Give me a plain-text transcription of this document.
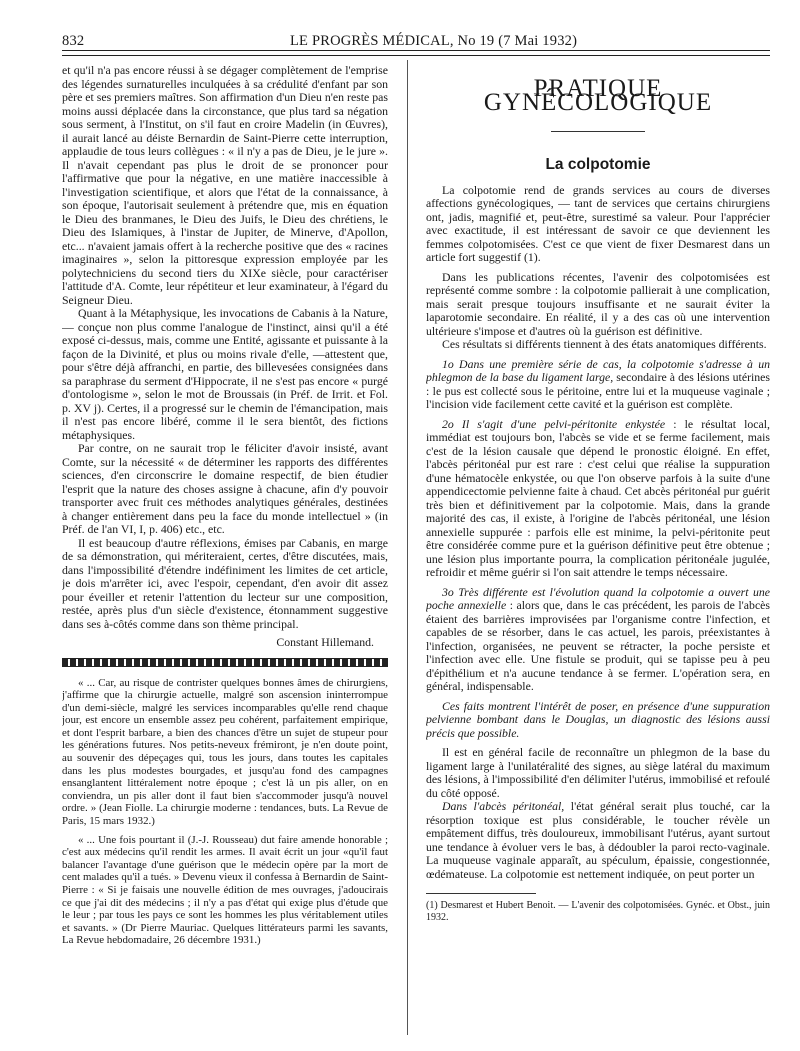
832	LE PROGRÈS MÉDICAL, No 19 (7 Mai 1932)

et qu'il n'a pas encore réussi à se dégager complètement de l'emprise des légendes surnaturelles inculquées à sa crédulité d'enfant par son père et ses premiers maîtres. Son affirmation d'un Dieu n'en reste pas moins aussi déplacée dans la circonstance, que plus tard sa négation sous serment, à l'Institut, on s'il faut en croire Madelin (in Œuvres), il aurait lancé au déiste Bernardin de Saint-Pierre cette interruption, applaudie de tous leurs collègues : « il n'y a pas de Dieu, je le jure ». Il n'avait cependant pas plus le droit de se prononcer pour l'affirmative que pour la négative, en une matière inaccessible à l'investigation scientifique, et alors que l'état de la connaissance, à son époque, l'autorisait seulement à prétendre que, mis en équation le Dieu des branmanes, le Dieu des Juifs, le Dieu des chrétiens, le Dieu des Islamiques, à l'instar de Jupiter, de Minerve, d'Apollon, etc... n'avaient jamais offert à la recherche positive que des « racines imaginaires », selon la pittoresque expression employée par les polytechniciens du second tiers du XIXe siècle, pour caractériser l'attitude d'A. Comte, leur répétiteur et leur examinateur, à l'égard du Seigneur Dieu.

Quant à la Métaphysique, les invocations de Cabanis à la Nature, — conçue non plus comme l'analogue de l'instinct, ainsi qu'il a été exposé ci-dessus, mais, comme une Entité, agissante et puissante à la façon de la Divinité, et plus ou moins rivale d'elle, —attestent que, pour s'être déjà affranchi, en partie, des billevesées consignées dans sa paraphrase du serment d'Hippocrate, il ne s'est pas encore « purgé d'ontologisme », selon le mot de Broussais (in Préf. de Irrit. et Fol. p. XV j). Certes, il a progressé sur le chemin de l'émancipation, mais il n'est pas encore libéré, comme il le sera bientôt, des fictions métaphysiques.

Par contre, on ne saurait trop le féliciter d'avoir insisté, avant Comte, sur la nécessité « de déterminer les rapports des différentes sciences, d'en circonscrire le domaine respectif, de bien étudier l'esprit que la nature des choses assigne à chacune, afin d'y pouvoir transporter avec fruit ces méthodes analytiques générales, destinées à changer entièrement dans peu la face du monde intellectuel » (in Préf. de l'an VI, I, p. 406) etc., etc.

Il est beaucoup d'autre réflexions, émises par Cabanis, en marge de sa démonstration, qui mériteraient, certes, d'être discutées, mais, dans l'impossibilité d'étendre indéfiniment les limites de cet article, je dois m'arrêter ici, avec l'espoir, cependant, d'en avoir dit assez pour éveiller et retenir l'attention du lecteur sur une composition, restée, après plus d'un siècle d'existence, étonnamment suggestive dans ses à-côtés comme dans son thème principal.

Constant Hillemand.

« ... Car, au risque de contrister quelques bonnes âmes de chirurgiens, j'affirme que la chirurgie actuelle, malgré son ascension ininterrompue d'un demi-siècle, malgré les services incomparables qu'elle rend chaque jour, est encore un ensemble assez peu cohérent, parfaitement empirique, et dont l'esprit barbare, a bien des chances d'être un sujet de stupeur pour les générations futures. Nos petits-neveux frémiront, je n'en doute point, au souvenir des dépeçages qui, tous les jours, dans toutes les capitales dans les plus modestes bourgades, et jusqu'au fond des campagnes ensanglantent littéralement notre époque ; c'est là un pis aller, on en conviendra, un pis aller dont il faut bien s'accommoder jusqu'à nouvel ordre. » (Jean Fiolle. La chirurgie moderne : tendances, buts. La Revue de Paris, 15 mars 1932.)

« ... Une fois pourtant il (J.-J. Rousseau) dut faire amende honorable ; c'est aux médecins qu'il rendit les armes. Il avait écrit un jour «qu'il faut balancer l'avantage d'une guérison que le médecin opère par la mort de cent malades qu'il a tués. » Devenu vieux il confessa à Bernardin de Saint-Pierre : « Si je faisais une nouvelle édition de mes ouvrages, j'adoucirais ce que j'ai dit des médecins ; il n'y a pas d'état qui exige plus d'étude que le leur ; par tous les pays ce sont les hommes les plus véritablement utiles et savants. » (Dr Pierre Mauriac. Quelques littérateurs parmi les savants, La Revue hebdomadaire, 26 décembre 1931.)

PRATIQUE GYNÉCOLOGIQUE
La colpotomie

La colpotomie rend de grands services au cours de diverses affections gynécologiques, — tant de services que certains chirurgiens ont, jadis, magnifié et, peut-être, surestimé sa valeur. Pour l'apprécier avec exactitude, il est intéressant de savoir ce que deviennent les femmes colpotomisées. C'est ce que vient de fixer Desmarest dans un article fort suggestif (1).

Dans les publications récentes, l'avenir des colpotomisées est représenté comme sombre : la colpotomie pallierait à une complication, mais serait presque toujours insuffisante et ne saurait éviter la laparotomie secondaire. En réalité, il y a des cas où une intervention ultérieure s'impose et d'autres où la guérison est définitive.

Ces résultats si différents tiennent à des états anatomiques différents.

1o Dans une première série de cas, la colpotomie s'adresse à un phlegmon de la base du ligament large, secondaire à des lésions utérines : le pus est collecté sous le péritoine, entre lui et la muqueuse vaginale ; l'incision vide facilement cette cavité et la guérison est complète.

2o Il s'agit d'une pelvi-péritonite enkystée : le résultat local, immédiat est toujours bon, l'abcès se vide et se ferme facilement, mais c'est de la lésion causale que dépend le pronostic éloigné. En effet, l'abcès péritonéal pur est rare : c'est celui que réalise la suppuration d'une hématocèle enkystée, ou que l'on observe parfois à la suite d'une appendicectomie pelvienne faite à chaud. Cet abcès péritonéal pur guérit très bien et définitivement par la colpotomie. Mais, dans la grande majorité des cas, il existe, à l'origine de l'abcès péritonéal, une lésion annexielle suppurée : parfois elle est minime, la pelvi-péritonite peut être considérée comme pure et la guérison définitive peut être obtenue ; une lésion plus importante pourra, la complication péritonéale jugulée, refroidir et même guérir si l'on sait attendre le temps nécessaire.

3o Très différente est l'évolution quand la colpotomie a ouvert une poche annexielle : alors que, dans le cas précédent, les parois de l'abcès étaient des barrières improvisées par l'organisme contre l'infection, et capables de se résorber, dans le cas actuel, les parois, préexistantes à l'infection, organisées, ne peuvent se rétracter, la poche persiste et l'infection avec elle. Une fistule se produit, qui se tapisse peu à peu d'épithélium et n'a aucune tendance à se fermer. L'opération sera, en général, indispensable.

Ces faits montrent l'intérêt de poser, en présence d'une suppuration pelvienne bombant dans le Douglas, un diagnostic des lésions aussi précis que possible.

Il est en général facile de reconnaître un phlegmon de la base du ligament large à l'unilatéralité des signes, au siège latéral du maximum des lésions, à l'impossibilité d'en délimiter l'utérus, immobilisé et refoulé du côté opposé.

Dans l'abcès péritonéal, l'état général serait plus touché, car la résorption toxique est plus considérable, le toucher révèle un empâtement diffus, très douloureux, immobilisant l'utérus, ayant surtout une tendance à évoluer vers le bas, à dédoubler la paroi recto-vaginale. La muqueuse vaginale apparaît, au spéculum, épaissie, congestionnée, œdémateuse. La colpotomie est nettement indiquée, on peut porter un

(1) Desmarest et Hubert Benoit. — L'avenir des colpotomisées. Gynéc. et Obst., juin 1932.
